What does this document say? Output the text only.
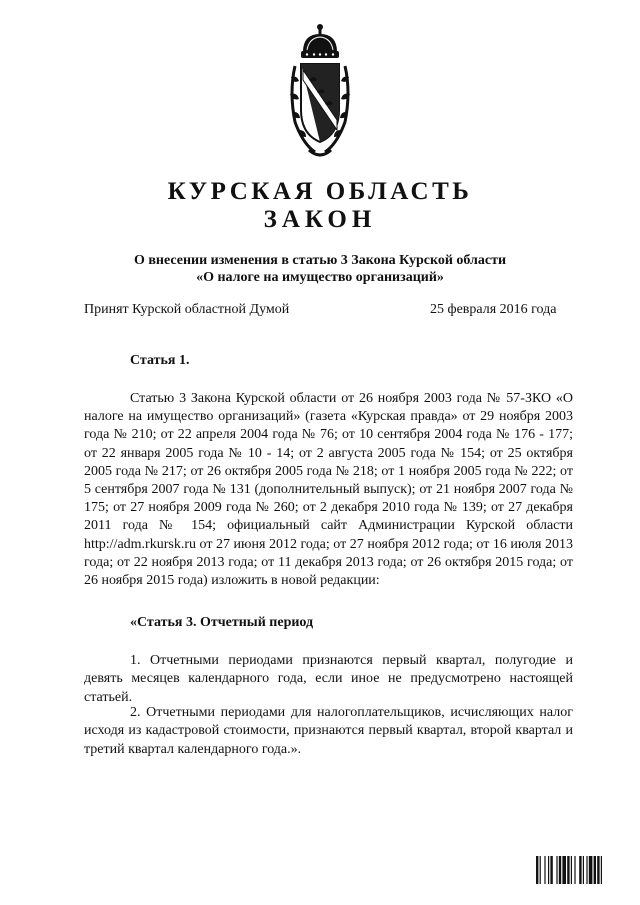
КУРСКАЯ ОБЛАСТЬ
ЗАКОН
О внесении изменения в статью 3 Закона Курской области
«О налоге на имущество организаций»
Принят Курской областной Думой	25 февраля 2016 года
Статья 1.
Статью 3 Закона Курской области от 26 ноября 2003 года № 57-ЗКО «О налоге на имущество организаций» (газета «Курская правда» от 29 ноября 2003 года № 210; от 22 апреля 2004 года № 76; от 10 сентября 2004 года № 176 - 177; от 22 января 2005 года № 10 - 14; от 2 августа 2005 года № 154; от 25 октября 2005 года № 217; от 26 октября 2005 года № 218; от 1 ноября 2005 года № 222; от 5 сентября 2007 года № 131 (дополнительный выпуск); от 21 ноября 2007 года № 175; от 27 ноября 2009 года № 260; от 2 декабря 2010 года № 139; от 27 декабря 2011 года № 154; официальный сайт Администрации Курской области http://adm.rkursk.ru от 27 июня 2012 года; от 27 ноября 2012 года; от 16 июля 2013 года; от 22 ноября 2013 года; от 11 декабря 2013 года; от 26 октября 2015 года; от 26 ноября 2015 года) изложить в новой редакции:
«Статья 3. Отчетный период
1. Отчетными периодами признаются первый квартал, полугодие и девять месяцев календарного года, если иное не предусмотрено настоящей статьей.
2. Отчетными периодами для налогоплательщиков, исчисляющих налог исходя из кадастровой стоимости, признаются первый квартал, второй квартал и третий квартал календарного года.».
